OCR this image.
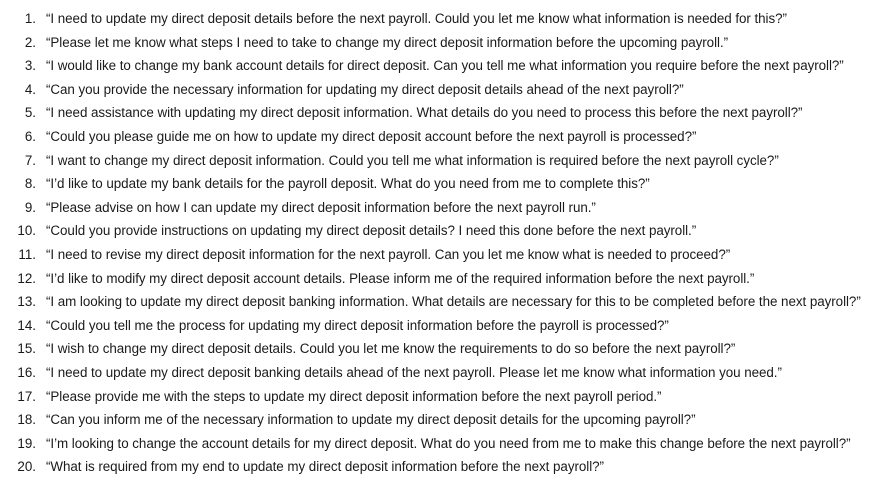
1. “I need to update my direct deposit details before the next payroll. Could you let me know what information is needed for this?”
2. “Please let me know what steps I need to take to change my direct deposit information before the upcoming payroll.”
3. “I would like to change my bank account details for direct deposit. Can you tell me what information you require before the next payroll?”
4. “Can you provide the necessary information for updating my direct deposit details ahead of the next payroll?”
5. “I need assistance with updating my direct deposit information. What details do you need to process this before the next payroll?”
6. “Could you please guide me on how to update my direct deposit account before the next payroll is processed?”
7. “I want to change my direct deposit information. Could you tell me what information is required before the next payroll cycle?”
8. “I’d like to update my bank details for the payroll deposit. What do you need from me to complete this?”
9. “Please advise on how I can update my direct deposit information before the next payroll run.”
10. “Could you provide instructions on updating my direct deposit details? I need this done before the next payroll.”
11. “I need to revise my direct deposit information for the next payroll. Can you let me know what is needed to proceed?”
12. “I’d like to modify my direct deposit account details. Please inform me of the required information before the next payroll.”
13. “I am looking to update my direct deposit banking information. What details are necessary for this to be completed before the next payroll?”
14. “Could you tell me the process for updating my direct deposit information before the payroll is processed?”
15. “I wish to change my direct deposit details. Could you let me know the requirements to do so before the next payroll?”
16. “I need to update my direct deposit banking details ahead of the next payroll. Please let me know what information you need.”
17. “Please provide me with the steps to update my direct deposit information before the next payroll period.”
18. “Can you inform me of the necessary information to update my direct deposit details for the upcoming payroll?”
19. “I’m looking to change the account details for my direct deposit. What do you need from me to make this change before the next payroll?”
20. “What is required from my end to update my direct deposit information before the next payroll?”
